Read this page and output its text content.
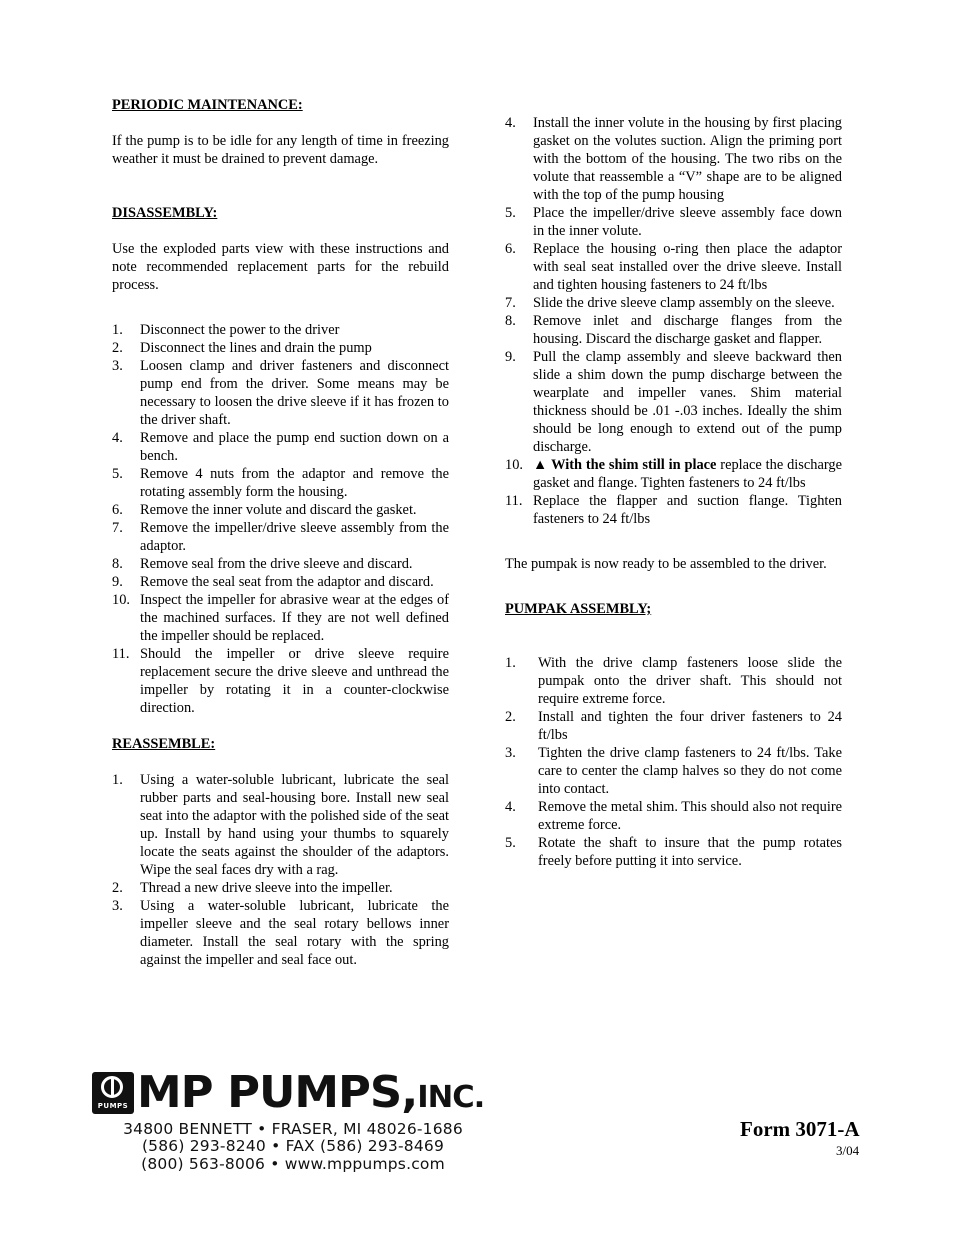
PERIODIC MAINTENANCE:

If the pump is to be idle for any length of time in freezing weather it must be drained to prevent damage.

DISASSEMBLY:

Use the exploded parts view with these instructions and note recommended replacement parts for the rebuild process.

1. Disconnect the power to the driver
2. Disconnect the lines and drain the pump
3. Loosen clamp and driver fasteners and disconnect pump end from the driver. Some means may be necessary to loosen the drive sleeve if it has frozen to the driver shaft.
4. Remove and place the pump end suction down on a bench.
5. Remove 4 nuts from the adaptor and remove the rotating assembly form the housing.
6. Remove the inner volute and discard the gasket.
7. Remove the impeller/drive sleeve assembly from the adaptor.
8. Remove seal from the drive sleeve and discard.
9. Remove the seal seat from the adaptor and discard.
10. Inspect the impeller for abrasive wear at the edges of the machined surfaces. If they are not well defined the impeller should be replaced.
11. Should the impeller or drive sleeve require replacement secure the drive sleeve and unthread the impeller by rotating it in a counter-clockwise direction.

REASSEMBLE:

1. Using a water-soluble lubricant, lubricate the seal rubber parts and seal-housing bore. Install new seal seat into the adaptor with the polished side of the seat up. Install by hand using your thumbs to squarely locate the seats against the shoulder of the adaptors. Wipe the seal faces dry with a rag.
2. Thread a new drive sleeve into the impeller.
3. Using a water-soluble lubricant, lubricate the impeller sleeve and the seal rotary bellows inner diameter. Install the seal rotary with the spring against the impeller and seal face out.
4. Install the inner volute in the housing by first placing gasket on the volutes suction. Align the priming port with the bottom of the housing. The two ribs on the volute that reassemble a “V” shape are to be aligned with the top of the pump housing
5. Place the impeller/drive sleeve assembly face down in the inner volute.
6. Replace the housing o-ring then place the adaptor with seal seat installed over the drive sleeve. Install and tighten housing fasteners to 24 ft/lbs
7. Slide the drive sleeve clamp assembly on the sleeve.
8. Remove inlet and discharge flanges from the housing. Discard the discharge gasket and flapper.
9. Pull the clamp assembly and sleeve backward then slide a shim down the pump discharge between the wearplate and impeller vanes. Shim material thickness should be .01 -.03 inches. Ideally the shim should be long enough to extend out of the pump discharge.
10. ▲ With the shim still in place replace the discharge gasket and flange. Tighten fasteners to 24 ft/lbs
11. Replace the flapper and suction flange. Tighten fasteners to 24 ft/lbs

The pumpak is now ready to be assembled to the driver.

PUMPAK ASSEMBLY;

1. With the drive clamp fasteners loose slide the pumpak onto the driver shaft. This should not require extreme force.
2. Install and tighten the four driver fasteners to 24 ft/lbs
3. Tighten the drive clamp fasteners to 24 ft/lbs. Take care to center the clamp halves so they do not come into contact.
4. Remove the metal shim. This should also not require extreme force.
5. Rotate the shaft to insure that the pump rotates freely before putting it into service.
PUMPS MP PUMPS,INC.
34800 BENNETT • FRASER, MI 48026-1686
(586) 293-8240 • FAX (586) 293-8469
(800) 563-8006 • www.mppumps.com
Form 3071-A
3/04
